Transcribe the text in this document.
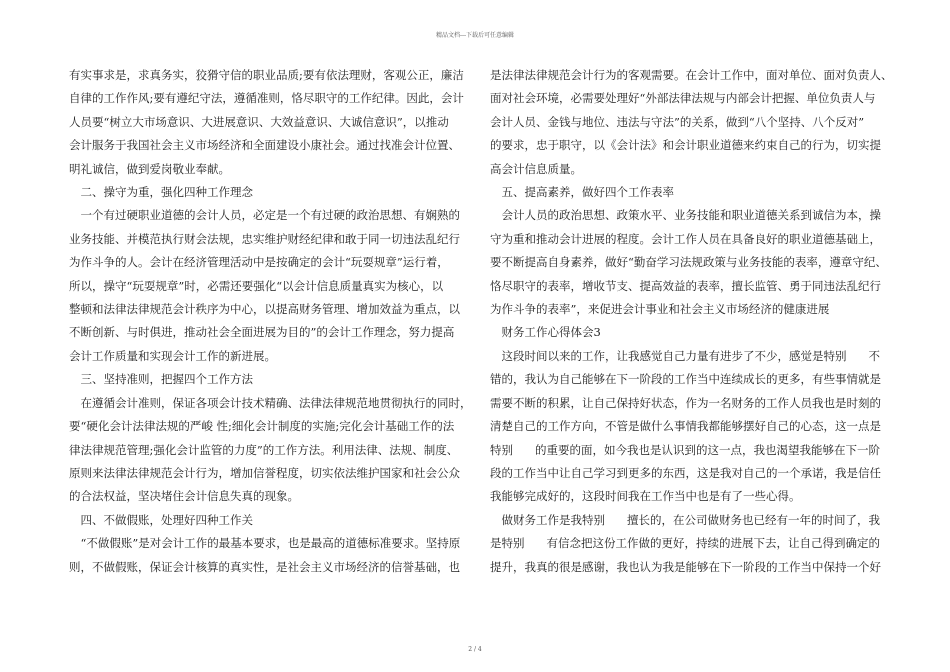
精品文档---下载后可任意编辑

有实事求是，求真务实，狡猾守信的职业品质;要有依法理财，客观公正，廉洁

自律的工作作风;要有遵纪守法，遵循准则，恪尽职守的工作纪律。因此，会计

人员要“树立大市场意识、大进展意识、大效益意识、大诚信意识”，以推动

会计服务于我国社会主义市场经济和全面建设小康社会。通过找准会计位置、

明礼诚信，做到爱岗敬业奉献。

　二、操守为重，强化四种工作理念

　一个有过硬职业道德的会计人员，必定是一个有过硬的政治思想、有娴熟的

业务技能、并模范执行财会法规，忠实维护财经纪律和敢于同一切违法乱纪行

为作斗争的人。会计在经济管理活动中是按确定的会计“玩耍规章”运行着，

所以，操守“玩耍规章”时，必需还要强化“以会计信息质量真实为核心，以

整顿和法律法律规范会计秩序为中心，以提高财务管理、增加效益为重点，以

不断创新、与时俱进，推动社会全面进展为目的”的会计工作理念，努力提高

会计工作质量和实现会计工作的新进展。

　三、坚持准则，把握四个工作方法

　在遵循会计准则，保证各项会计技术精确、法律法律规范地贯彻执行的同时，

要“硬化会计法律法规的严峻 性;细化会计制度的实施;完化会计基础工作的法

律法律规范管理;强化会计监管的力度”的工作方法。利用法律、法规、制度、

原则来法律法律规范会计行为，增加信誉程度，切实依法维护国家和社会公众

的合法权益，坚决堵住会计信息失真的现象。

　四、不做假账，处理好四种工作关

　“不做假账”是对会计工作的最基本要求，也是最高的道德标准要求。坚持原

则，不做假账，保证会计核算的真实性，是社会主义市场经济的信誉基础，也

是法律法律规范会计行为的客观需要。在会计工作中，面对单位、面对负责人、

面对社会环境，必需要处理好“外部法律法规与内部会计把握、单位负责人与

会计人员、金钱与地位、违法与守法”的关系，做到“八个坚持、八个反对”

的要求，忠于职守，以《会计法》和会计职业道德来约束自己的行为，切实提

高会计信息质量。

　五、提高素养，做好四个工作表率

　会计人员的政治思想、政策水平、业务技能和职业道德关系到诚信为本，操

守为重和推动会计进展的程度。会计工作人员在具备良好的职业道德基础上，

要不断提高自身素养，做好“勤奋学习法规政策与业务技能的表率，遵章守纪、

恪尽职守的表率，增收节支、提高效益的表率，擅长监管、勇于同违法乱纪行

为作斗争的表率”，来促进会计事业和社会主义市场经济的健康进展

　财务工作心得体会3

　这段时间以来的工作，让我感觉自己力量有进步了不少，感觉是特别 不

错的，我认为自己能够在下一阶段的工作当中连续成长的更多，有些事情就是

需要不断的积累，让自己保持好状态，作为一名财务的工作人员我也是时刻的

清楚自己的工作方向，不管是做什么事情我都能够摆好自己的心态，这一点是

特别 的重要的面，如今我也是认识到的这一点，我也渴望我能够在下一阶

段的工作当中让自己学习到更多的东西，这是我对自己的一个承诺，我是信任

我能够完成好的，这段时间我在工作当中也是有了一些心得。

　做财务工作是我特别 擅长的，在公司做财务也已经有一年的时间了，我

是特别 有信念把这份工作做的更好，持续的进展下去，让自己得到确定的

提升，我真的很是感谢，我也认为我是能够在下一阶段的工作当中保持一个好

2 / 4
